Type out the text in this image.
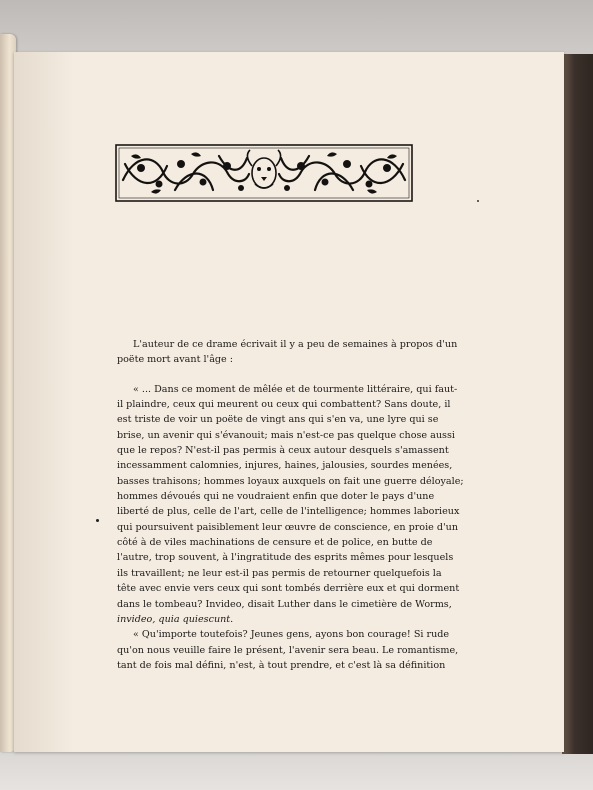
L'auteur de ce drame écrivait il y a peu de semaines à propos d'un
poëte mort avant l'âge :
« ... Dans ce moment de mêlée et de tourmente littéraire, qui faut-
il plaindre, ceux qui meurent ou ceux qui combattent? Sans doute, il
est triste de voir un poëte de vingt ans qui s'en va, une lyre qui se
brise, un avenir qui s'évanouit; mais n'est-ce pas quelque chose aussi
que le repos? N'est-il pas permis à ceux autour desquels s'amassent
incessamment calomnies, injures, haines, jalousies, sourdes menées,
basses trahisons; hommes loyaux auxquels on fait une guerre déloyale;
hommes dévoués qui ne voudraient enfin que doter le pays d'une
liberté de plus, celle de l'art, celle de l'intelligence; hommes laborieux
qui poursuivent paisiblement leur œuvre de conscience, en proie d'un
côté à de viles machinations de censure et de police, en butte de
l'autre, trop souvent, à l'ingratitude des esprits mêmes pour lesquels
ils travaillent; ne leur est-il pas permis de retourner quelquefois la
tête avec envie vers ceux qui sont tombés derrière eux et qui dorment
dans le tombeau? Invideo, disait Luther dans le cimetière de Worms,
invideo, quia quiescunt.
« Qu'importe toutefois? Jeunes gens, ayons bon courage! Si rude
qu'on nous veuille faire le présent, l'avenir sera beau. Le romantisme,
tant de fois mal défini, n'est, à tout prendre, et c'est là sa définition
